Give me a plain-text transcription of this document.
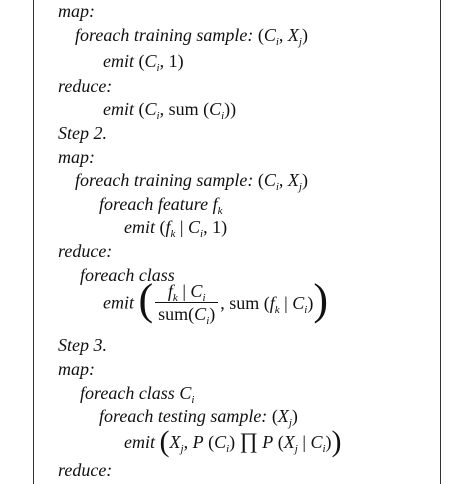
map:
foreach training sample: ($C_i$, $X_j$)
emit ($C_i$, 1)
reduce:
emit ($C_i$, sum $(C_i)$)
Step 2.
map:
foreach training sample: ($C_i$, $X_j$)
foreach feature $f_k$
emit ($f_k$ | $C_i$, 1)
reduce:
foreach class
emit ( $\frac{f_k | C_i}{sum(C_i)}$ , sum ($f_k$ | $C_i$))
Step 3.
map:
foreach class $C_i$
foreach testing sample: $(X_j)$
emit ($X_j$, P $(C_i)$ ∏ P ($X_j$ | $C_i$))
reduce:
